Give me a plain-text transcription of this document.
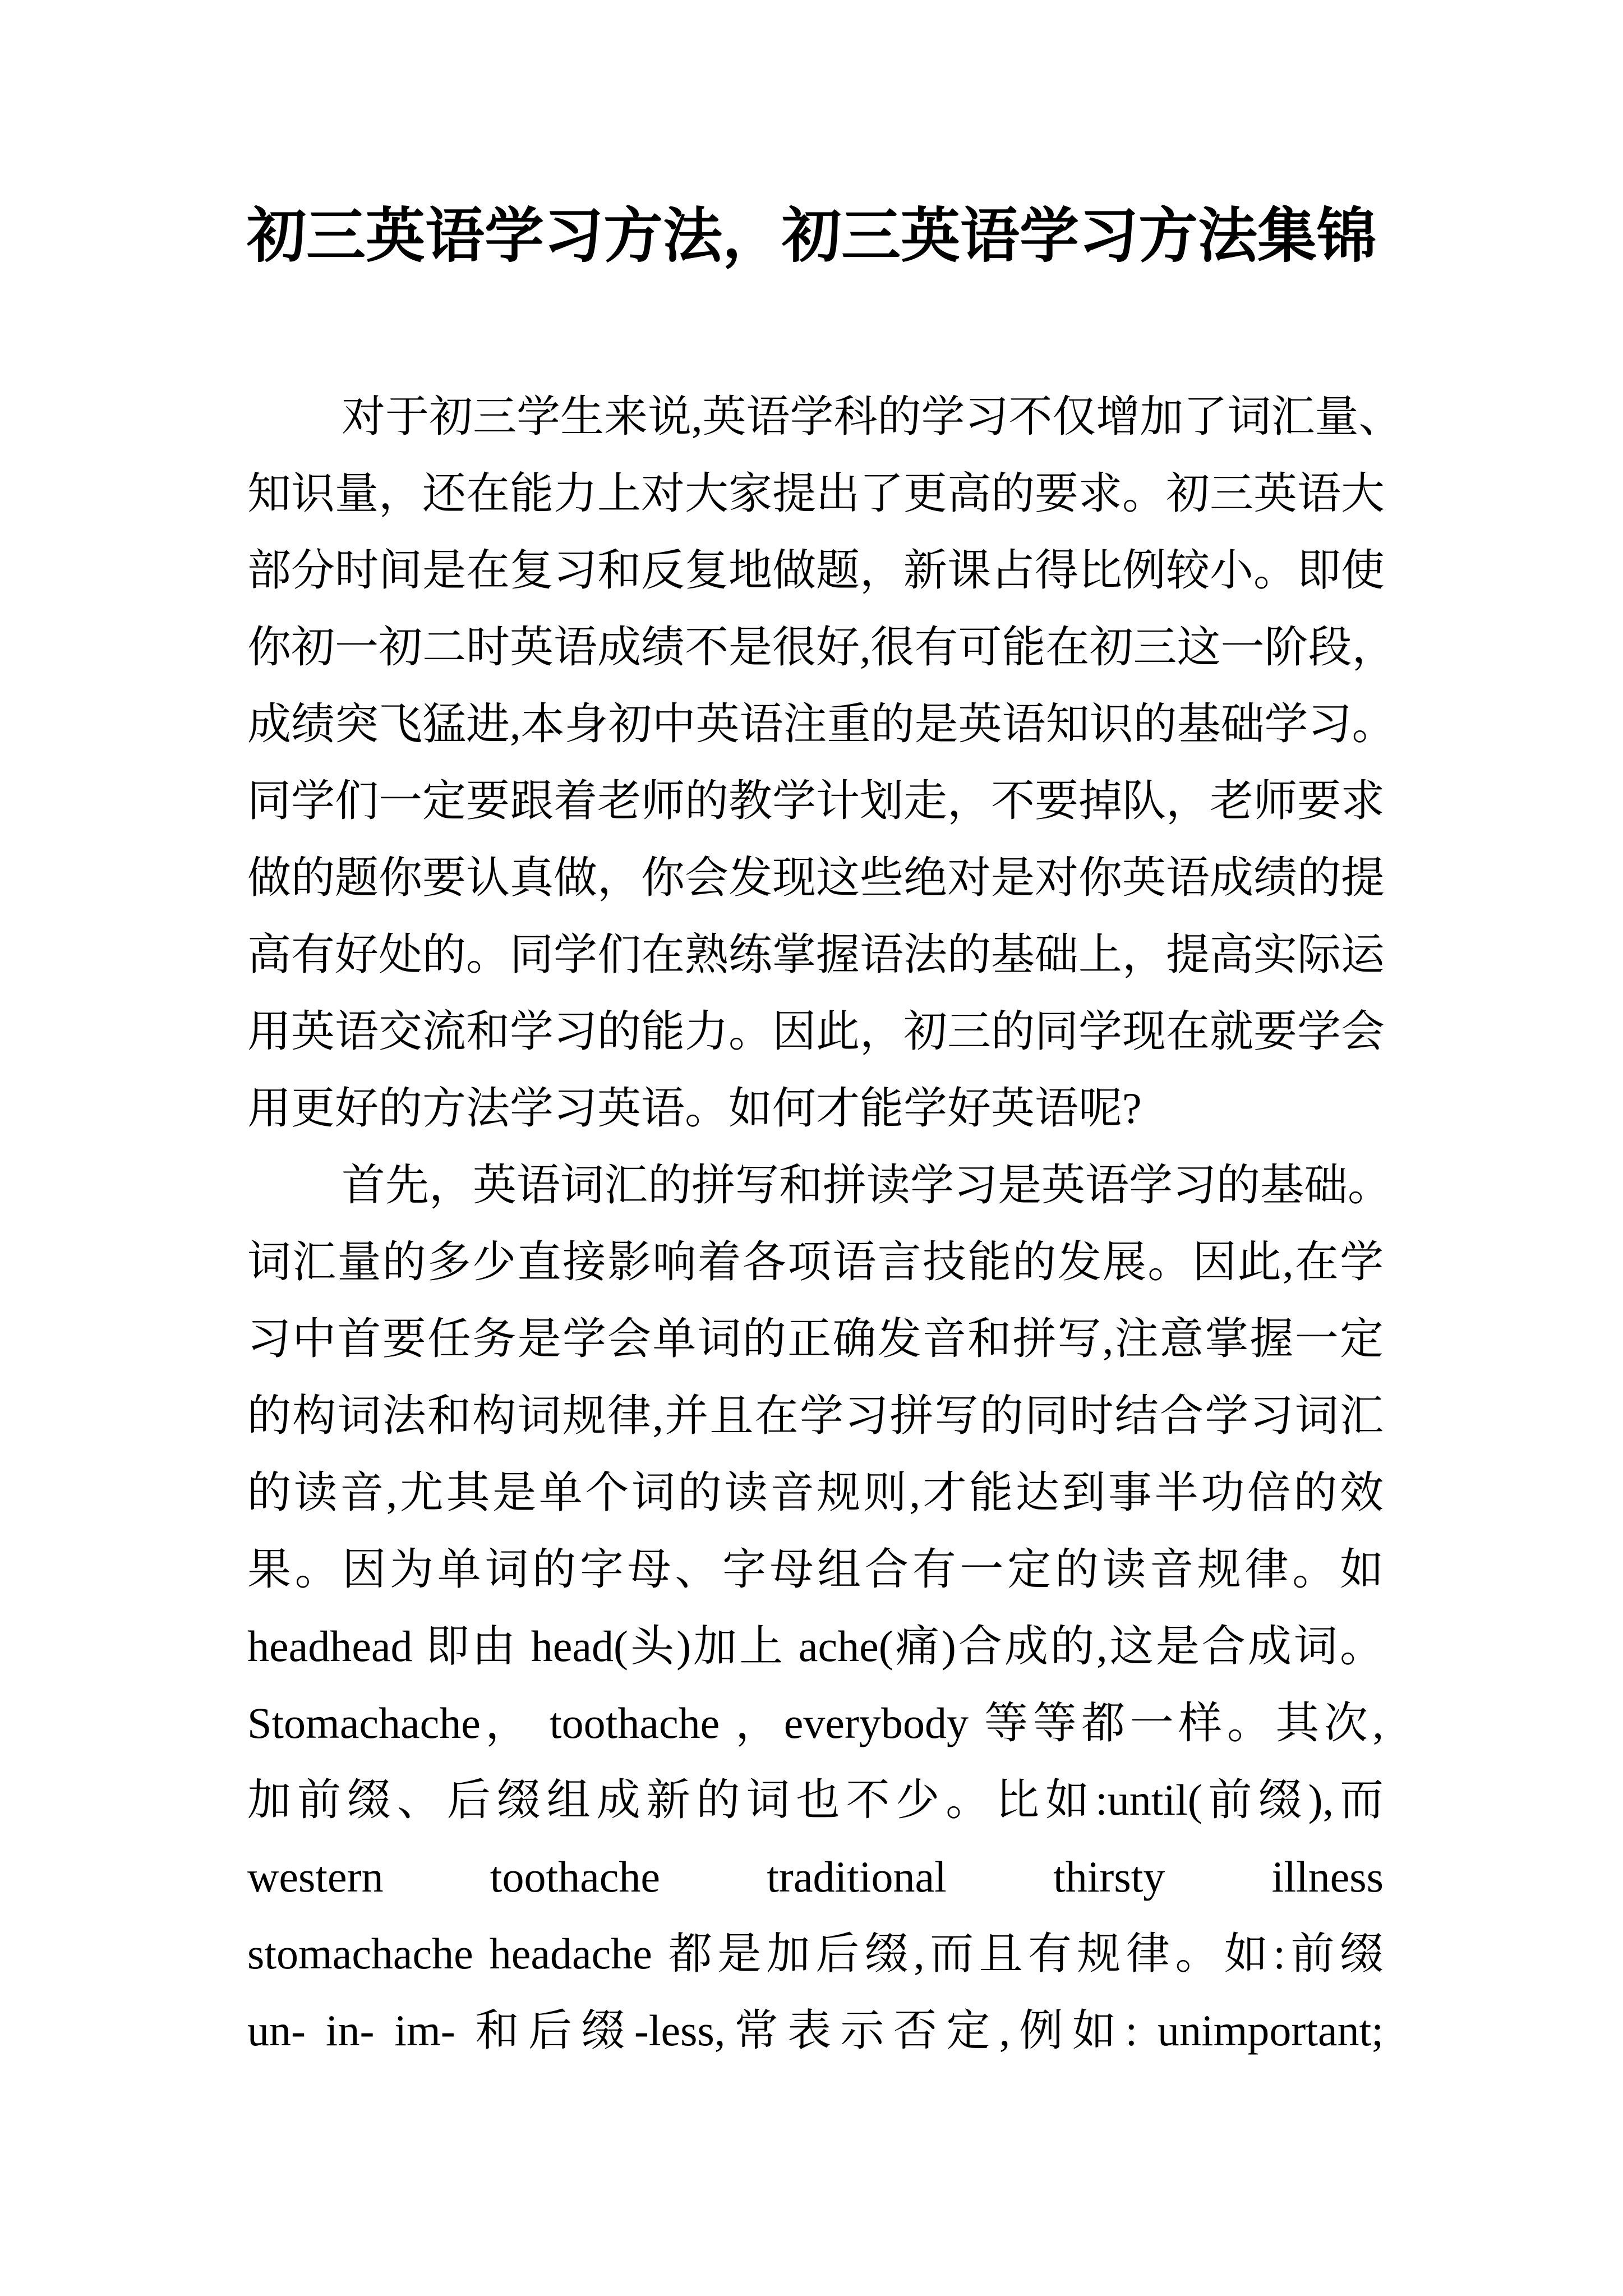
初三英语学习方法，初三英语学习方法集锦
对于初三学生来说,英语学科的学习不仅增加了词汇量、
知识量，还在能力上对大家提出了更高的要求。初三英语大
部分时间是在复习和反复地做题，新课占得比例较小。即使
你初一初二时英语成绩不是很好,很有可能在初三这一阶段，
成绩突飞猛进,本身初中英语注重的是英语知识的基础学习。
同学们一定要跟着老师的教学计划走，不要掉队，老师要求
做的题你要认真做，你会发现这些绝对是对你英语成绩的提
高有好处的。同学们在熟练掌握语法的基础上，提高实际运
用英语交流和学习的能力。因此，初三的同学现在就要学会
用更好的方法学习英语。如何才能学好英语呢?
首先，英语词汇的拼写和拼读学习是英语学习的基础。
词汇量的多少直接影响着各项语言技能的发展。因此,在学
习中首要任务是学会单词的正确发音和拼写,注意掌握一定
的构词法和构词规律,并且在学习拼写的同时结合学习词汇
的读音,尤其是单个词的读音规则,才能达到事半功倍的效
果。因为单词的字母、字母组合有一定的读音规律。如
headhead 即由 head(头)加上 ache(痛)合成的,这是合成词。
Stomachache， toothache ，everybody 等等都一样。其次,
加前缀、后缀组成新的词也不少。比如:until(前缀),而
western toothache traditional thirsty illness
stomachache headache 都是加后缀,而且有规律。如:前缀
un- in- im- 和后缀-less,常表示否定,例如: unimportant;
